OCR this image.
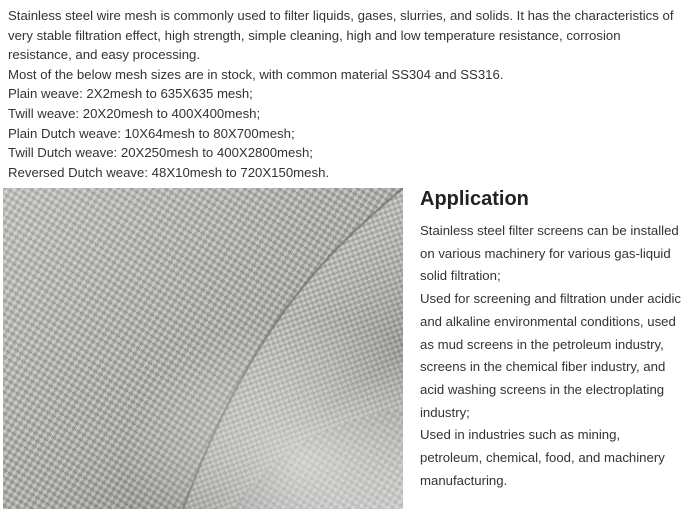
Stainless steel wire mesh is commonly used to filter liquids, gases, slurries, and solids. It has the characteristics of very stable filtration effect, high strength, simple cleaning, high and low temperature resistance, corrosion resistance, and easy processing.

Most of the below mesh sizes are in stock, with common material SS304 and SS316.

Plain weave: 2X2mesh to 635X635 mesh;

Twill weave: 20X20mesh to 400X400mesh;

Plain Dutch weave: 10X64mesh to 80X700mesh;

Twill Dutch weave: 20X250mesh to 400X2800mesh;

Reversed Dutch weave: 48X10mesh to 720X150mesh.

Application

Stainless steel filter screens can be installed on various machinery for various gas-liquid solid filtration;

Used for screening and filtration under acidic and alkaline environmental conditions, used as mud screens in the petroleum industry, screens in the chemical fiber industry, and acid washing screens in the electroplating industry;

Used in industries such as mining, petroleum, chemical, food, and machinery manufacturing.
